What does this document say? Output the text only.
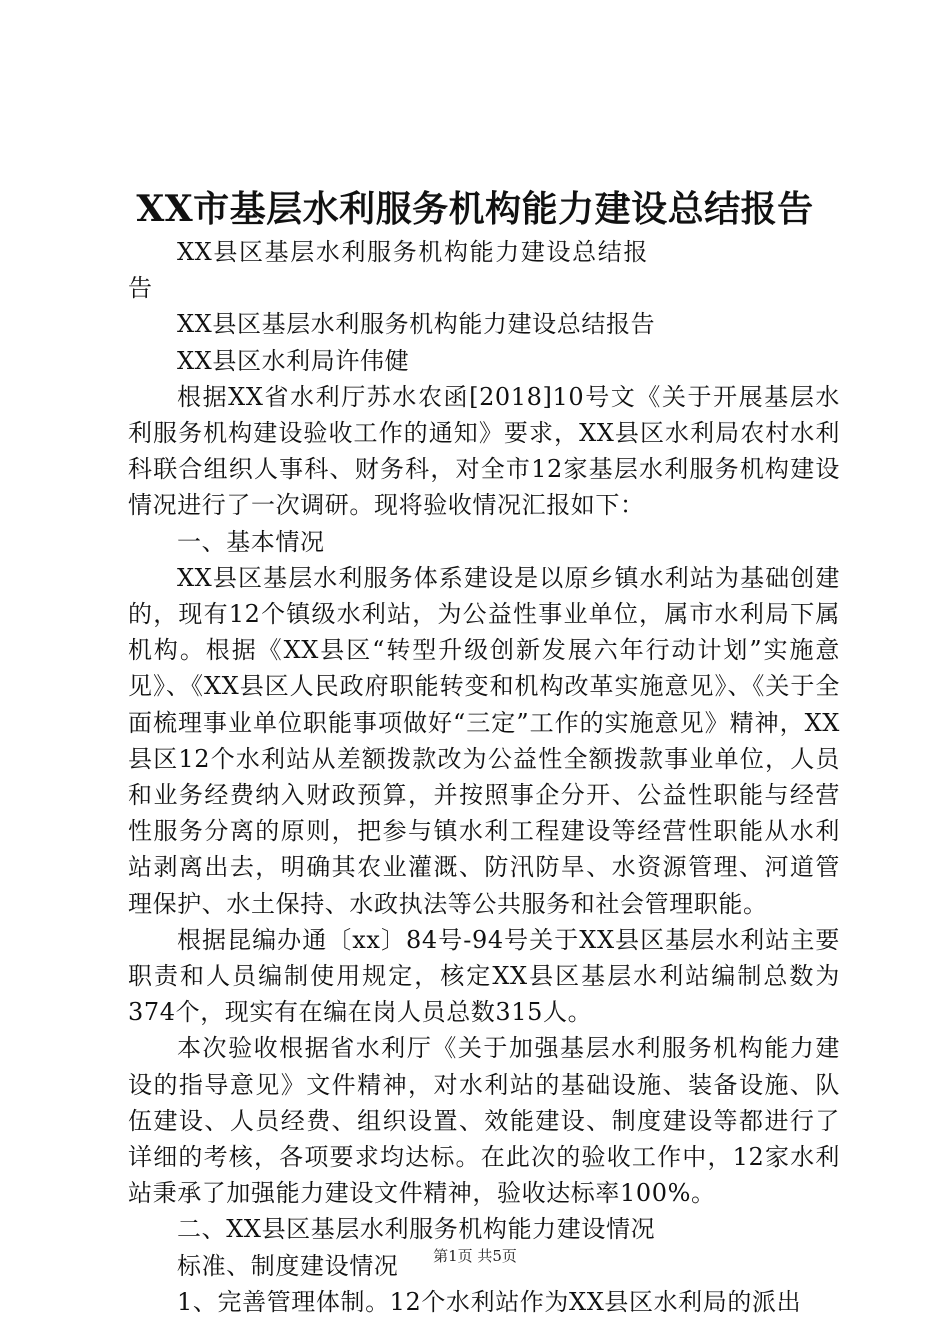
XX市基层水利服务机构能力建设总结报告

XX县区基层水利服务机构能力建设总结报告

XX县区基层水利服务机构能力建设总结报告

XX县区水利局许伟健

根据XX省水利厅苏水农函[2018]10号文《关于开展基层水利服务机构建设验收工作的通知》要求，XX县区水利局农村水利科联合组织人事科、财务科，对全市12家基层水利服务机构建设情况进行了一次调研。现将验收情况汇报如下：

一、基本情况

XX县区基层水利服务体系建设是以原乡镇水利站为基础创建的，现有12个镇级水利站，为公益性事业单位，属市水利局下属机构。根据《XX县区“转型升级创新发展六年行动计划”实施意见》、《XX县区人民政府职能转变和机构改革实施意见》、《关于全面梳理事业单位职能事项做好“三定”工作的实施意见》精神，XX县区12个水利站从差额拨款改为公益性全额拨款事业单位，人员和业务经费纳入财政预算，并按照事企分开、公益性职能与经营性服务分离的原则，把参与镇水利工程建设等经营性职能从水利站剥离出去，明确其农业灌溉、防汛防旱、水资源管理、河道管理保护、水土保持、水政执法等公共服务和社会管理职能。

根据昆编办通〔xx〕84号-94号关于XX县区基层水利站主要职责和人员编制使用规定，核定XX县区基层水利站编制总数为374个，现实有在编在岗人员总数315人。

本次验收根据省水利厅《关于加强基层水利服务机构能力建设的指导意见》文件精神，对水利站的基础设施、装备设施、队伍建设、人员经费、组织设置、效能建设、制度建设等都进行了详细的考核，各项要求均达标。在此次的验收工作中，12家水利站秉承了加强能力建设文件精神，验收达标率100%。

二、XX县区基层水利服务机构能力建设情况

标准、制度建设情况

1、完善管理体制。12个水利站作为XX县区水利局的派出

第1页 共5页
